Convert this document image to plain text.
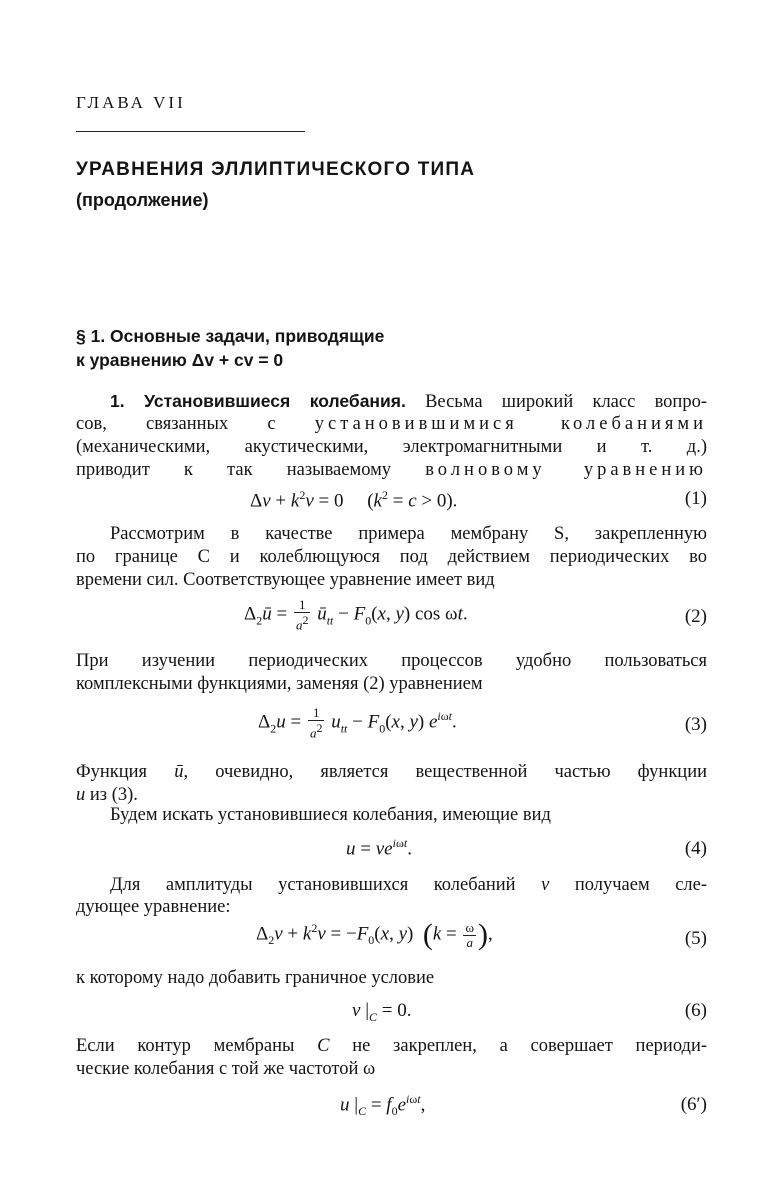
ГЛАВА VII
УРАВНЕНИЯ ЭЛЛИПТИЧЕСКОГО ТИПА
(продолжение)
§ 1. Основные задачи, приводящие
к уравнению Δv + cv = 0
1. Установившиеся колебания. Весьма широкий класс вопро-
сов, связанных с установившимися колебаниями
(механическими, акустическими, электромагнитными и т. д.)
приводит к так называемому волновому уравнению
$\Delta v + k^2v = 0$     $(k^2 = c > 0)$.	(1)
Рассмотрим в качестве примера мембрану S, закрепленную
по границе C и колеблющуюся под действием периодических во
времени сил. Соответствующее уравнение имеет вид
$\Delta_2ū = \frac{1}{a^2}$ $ū_{tt} - F_0(x$, y) cos ωt.	(2)
При изучении периодических процессов удобно пользоваться
комплексными функциями, заменяя (2) уравнением
$\Delta_2u = \frac{1}{a^2} u_{tt} - F_0(x$, y) $e^{i\omega t}$.	(3)
Функция ū, очевидно, является вещественной частью функции
u из (3).
Будем искать установившиеся колебания, имеющие вид
$u = ve^{i\omega t}$.	(4)
Для амплитуды установившихся колебаний v получаем сле-
дующее уравнение:
$\Delta_2v + k^2v = -F_0(x$, y)  ($k = \frac{\omega}{a}$ ),	(5)
к которому надо добавить граничное условие
v $|_C = 0$.	(6)
Если контур мембраны C не закреплен, а совершает периоди-
ческие колебания с той же частотой ω
u $|_C = f_0e^{i\omega t}$,	(6′)
